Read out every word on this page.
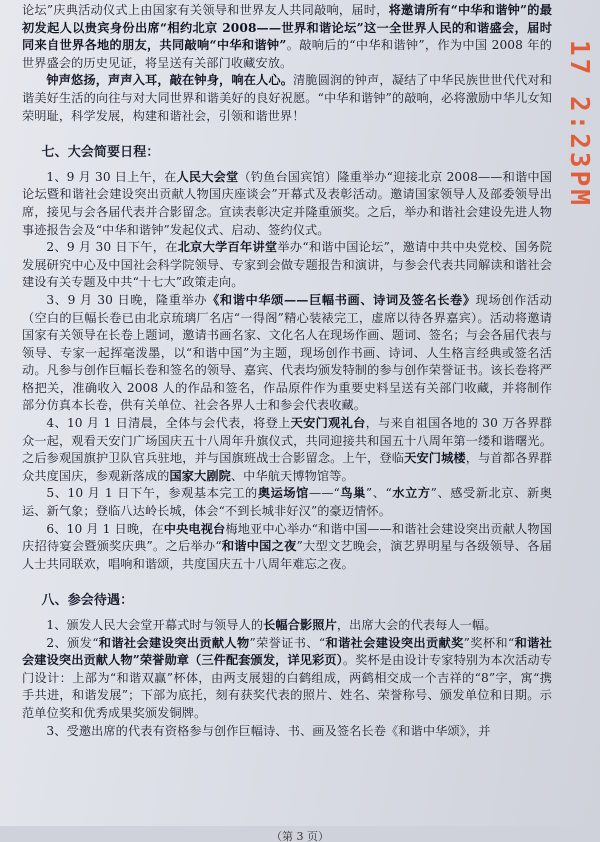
论坛”庆典活动仪式上由国家有关领导和世界友人共同敲响，届时，将邀请所有“中华和谐钟”的最初发起人以贵宾身份出席“相约北京 2008——世界和谐论坛”这一全世界人民的和谐盛会，届时同来自世界各地的朋友，共同敲响“中华和谐钟”。敲响后的“中华和谐钟”，作为中国 2008 年的世界盛会的历史见证，将呈送有关部门收藏安放。

钟声悠扬，声声入耳，敲在钟身，响在人心。清脆圆润的钟声，凝结了中华民族世世代代对和谐美好生活的向往与对大同世界和谐美好的良好祝愿。“中华和谐钟”的敲响，必将激励中华儿女知荣明耻，科学发展，构建和谐社会，引领和谐世界！

七、大会简要日程：

1、9 月 30 日上午，在人民大会堂（钓鱼台国宾馆）隆重举办“迎接北京 2008——和谐中国论坛暨和谐社会建设突出贡献人物国庆座谈会”开幕式及表彰活动。邀请国家领导人及部委领导出席，接见与会各届代表并合影留念。宣读表彰决定并隆重颁奖。之后，举办和谐社会建设先进人物事迹报告会及“中华和谐钟”发起仪式、启动、签约仪式。

2、9 月 30 日下午，在北京大学百年讲堂举办“和谐中国论坛”，邀请中共中央党校、国务院发展研究中心及中国社会科学院领导、专家到会做专题报告和演讲，与参会代表共同解读和谐社会建设有关专题及中共“十七大”政策走向。

3、9 月 30 日晚，隆重举办《和谐中华颂——巨幅书画、诗词及签名长卷》现场创作活动（空白的巨幅长卷已由北京琉璃厂名店“一得阁”精心装裱完工，虚席以待各界嘉宾）。活动将邀请国家有关领导在长卷上题词，邀请书画名家、文化名人在现场作画、题词、签名；与会各届代表与领导、专家一起挥毫泼墨，以“和谐中国”为主题，现场创作书画、诗词、人生格言经典或签名活动。凡参与创作巨幅长卷和签名的领导、嘉宾、代表均颁发特制的参与创作荣誉证书。该长卷将严格把关，准确收入 2008 人的作品和签名，作品原件作为重要史料呈送有关部门收藏，并将制作部分仿真本长卷，供有关单位、社会各界人士和参会代表收藏。

4、10 月 1 日清晨，全体与会代表，将登上天安门观礼台，与来自祖国各地的 30 万各界群众一起，观看天安门广场国庆五十八周年升旗仪式，共同迎接共和国五十八周年第一缕和谐曙光。之后参观国旗护卫队官兵驻地，并与国旗班战士合影留念。上午，登临天安门城楼，与首都各界群众共度国庆，参观新落成的国家大剧院、中华航天博物馆等。

5、10 月 1 日下午，参观基本完工的奥运场馆——“鸟巢”、“水立方”、感受新北京、新奥运、新气象；登临八达岭长城，体会“不到长城非好汉”的豪迈情怀。

6、10 月 1 日晚，在中央电视台梅地亚中心举办“和谐中国——和谐社会建设突出贡献人物国庆招待宴会暨颁奖庆典”。之后举办“和谐中国之夜”大型文艺晚会，演艺界明星与各级领导、各届人士共同联欢，唱响和谐颂，共度国庆五十八周年难忘之夜。

八、参会待遇：

1、颁发人民大会堂开幕式时与领导人的长幅合影照片，出席大会的代表每人一幅。

2、颁发“和谐社会建设突出贡献人物”荣誉证书、“和谐社会建设突出贡献奖”奖杯和“和谐社会建设突出贡献人物”荣誉勋章（三件配套颁发，详见彩页）。奖杯是由设计专家特别为本次活动专门设计：上部为“和谐双赢”杯体，由两支展翅的白鹤组成，两鹤相交成一个吉祥的“8”字，寓“携手共进，和谐发展”；下部为底托，刻有获奖代表的照片、姓名、荣誉称号、颁发单位和日期。示范单位奖和优秀成果奖颁发铜牌。

3、受邀出席的代表有资格参与创作巨幅诗、书、画及签名长卷《和谐中华颂》，并

17 2:23PM
（第 3 页）
